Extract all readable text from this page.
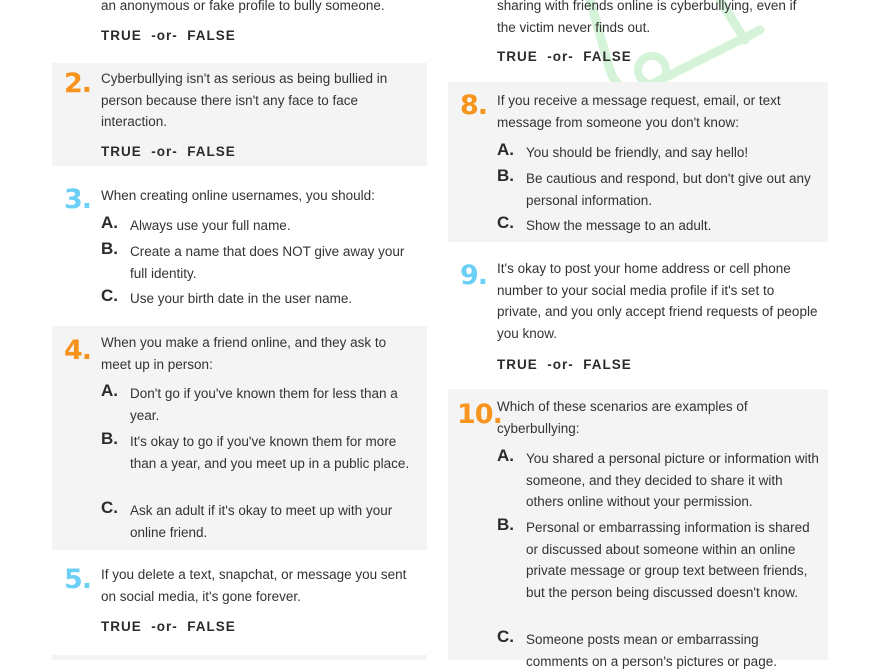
an anonymous or fake profile to bully someone.
TRUE  -or-  FALSE
2. Cyberbullying isn't as serious as being bullied in person because there isn't any face to face interaction.
TRUE  -or-  FALSE
3. When creating online usernames, you should:
A. Always use your full name.
B. Create a name that does NOT give away your full identity.
C. Use your birth date in the user name.
4. When you make a friend online, and they ask to meet up in person:
A. Don't go if you've known them for less than a year.
B. It's okay to go if you've known them for more than a year, and you meet up in a public place.
C. Ask an adult if it's okay to meet up with your online friend.
5. If you delete a text, snapchat, or message you sent on social media, it's gone forever.
TRUE  -or-  FALSE
sharing with friends online is cyberbullying, even if the victim never finds out.
TRUE  -or-  FALSE
8. If you receive a message request, email, or text message from someone you don't know:
A. You should be friendly, and say hello!
B. Be cautious and respond, but don't give out any personal information.
C. Show the message to an adult.
9. It's okay to post your home address or cell phone number to your social media profile if it's set to private, and you only accept friend requests of people you know.
TRUE  -or-  FALSE
10.
Which of these scenarios are examples of cyberbullying:
A. You shared a personal picture or information with someone, and they decided to share it with others online without your permission.
B. Personal or embarrassing information is shared or discussed about someone within an online private message or group text between friends, but the person being discussed doesn't know.
C. Someone posts mean or embarrassing comments on a person's pictures or page.
